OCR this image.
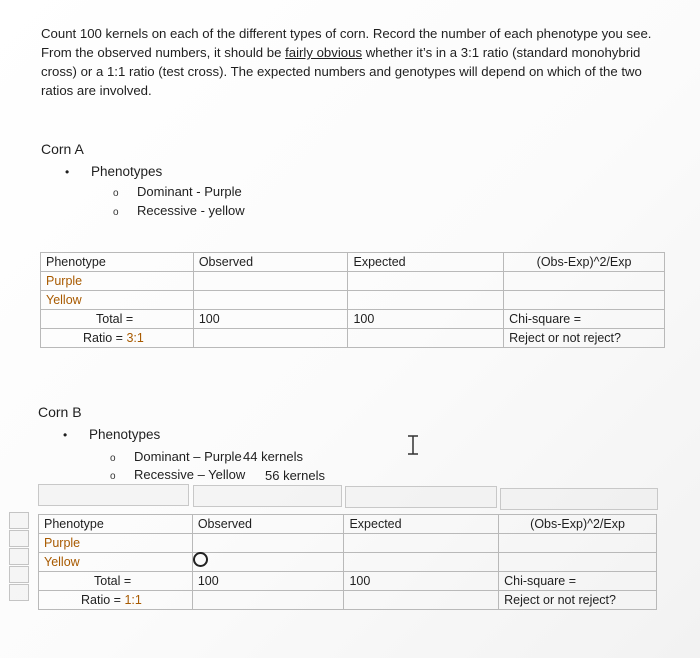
Count 100 kernels on each of the different types of corn. Record the number of each phenotype you see. From the observed numbers, it should be fairly obvious whether it’s in a 3:1 ratio (standard monohybrid cross) or a 1:1 ratio (test cross). The expected numbers and genotypes will depend on which of the two ratios are involved.
Corn A
• Phenotypes
o Dominant - Purple
o Recessive - yellow
Phenotype	Observed	Expected	(Obs-Exp)^2/Exp
Purple			
Yellow			
Total =	100	100	Chi-square =
Ratio = 3:1			Reject or not reject?
Corn B
• Phenotypes
o Dominant – Purple 44 kernels
o Recessive – Yellow 56 kernels
Phenotype	Observed	Expected	(Obs-Exp)^2/Exp
Purple			
Yellow			
Total =	100	100	Chi-square =
Ratio = 1:1			Reject or not reject?
